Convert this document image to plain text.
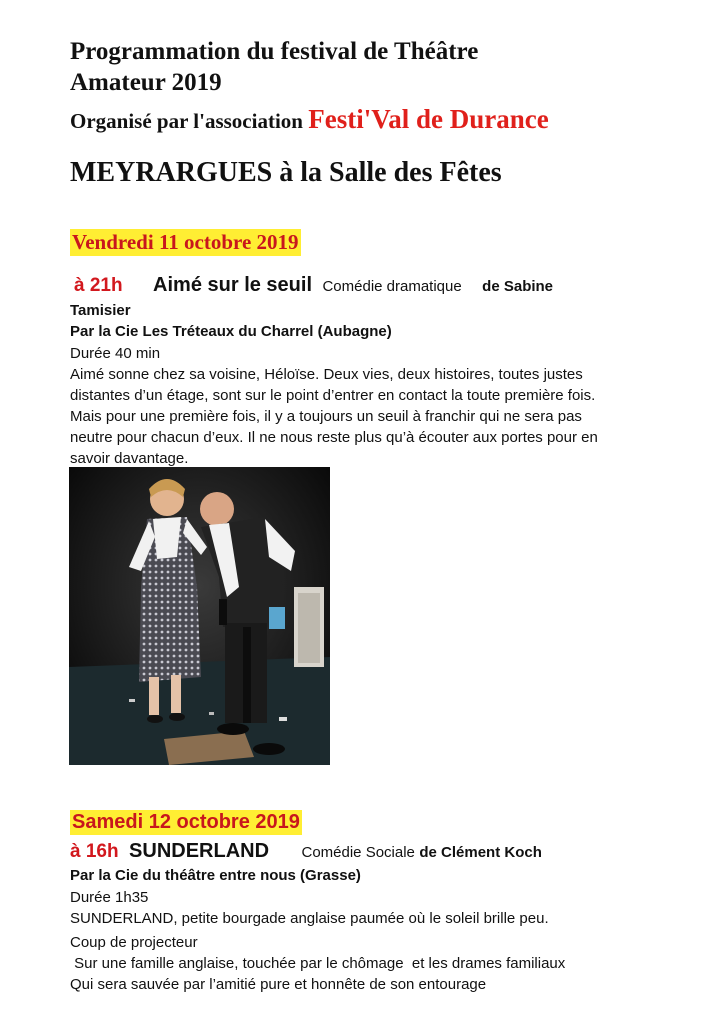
Programmation du festival de Théâtre
Amateur 2019

Organisé par l'association Festi'Val de Durance

MEYRARGUES à la Salle des Fêtes

Vendredi 11 octobre 2019
à 21h Aimé sur le seuil Comédie dramatique de Sabine
Tamisier
Par la Cie Les Tréteaux du Charrel (Aubagne)
Durée 40 min
Aimé sonne chez sa voisine, Héloïse. Deux vies, deux histoires, toutes justes
distantes d’un étage, sont sur le point d’entrer en contact la toute première fois.
Mais pour une première fois, il y a toujours un seuil à franchir qui ne sera pas
neutre pour chacun d’eux. Il ne nous reste plus qu’à écouter aux portes pour en
savoir davantage.
Samedi 12 octobre 2019
à 16h SUNDERLAND Comédie Sociale de Clément Koch
Par la Cie du théâtre entre nous (Grasse)
Durée 1h35
SUNDERLAND, petite bourgade anglaise paumée où le soleil brille peu.
Coup de projecteur
Sur une famille anglaise, touchée par le chômage  et les drames familiaux
Qui sera sauvée par l’amitié pure et honnête de son entourage
